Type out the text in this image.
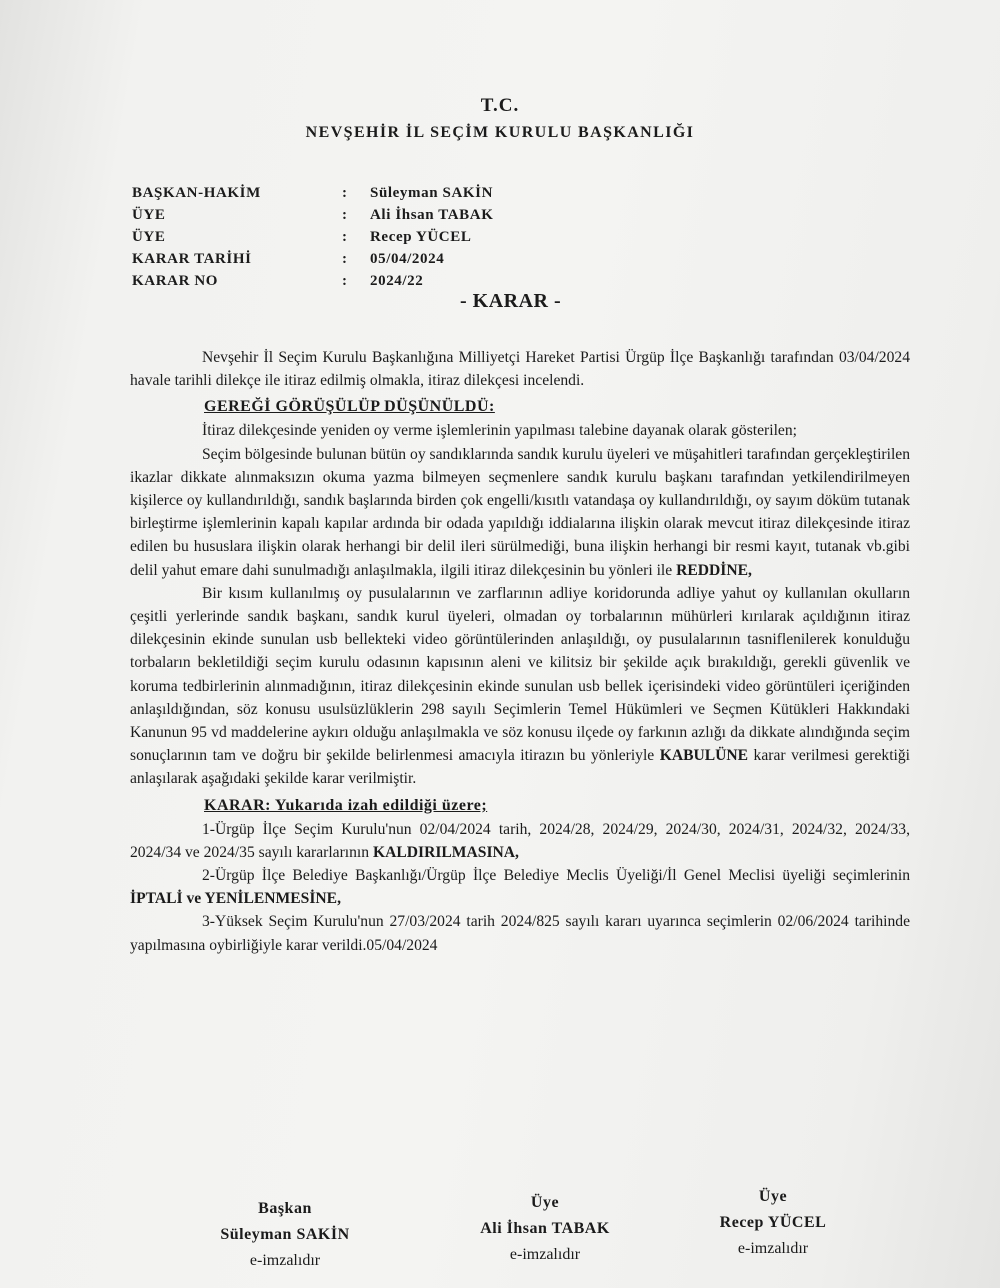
T.C.
NEVŞEHİR İL SEÇİM KURULU BAŞKANLIĞI
BAŞKAN-HAKİM	:	Süleyman SAKİN
ÜYE	:	Ali İhsan TABAK
ÜYE	:	Recep YÜCEL
KARAR TARİHİ	:	05/04/2024
KARAR NO	:	2024/22
- KARAR -

Nevşehir İl Seçim Kurulu Başkanlığına Milliyetçi Hareket Partisi Ürgüp İlçe Başkanlığı tarafından 03/04/2024 havale tarihli dilekçe ile itiraz edilmiş olmakla, itiraz dilekçesi incelendi.

GEREĞİ GÖRÜŞÜLÜP DÜŞÜNÜLDÜ:

İtiraz dilekçesinde yeniden oy verme işlemlerinin yapılması talebine dayanak olarak gösterilen;

Seçim bölgesinde bulunan bütün oy sandıklarında sandık kurulu üyeleri ve müşahitleri tarafından gerçekleştirilen ikazlar dikkate alınmaksızın okuma yazma bilmeyen seçmenlere sandık kurulu başkanı tarafından yetkilendirilmeyen kişilerce oy kullandırıldığı, sandık başlarında birden çok engelli/kısıtlı vatandaşa oy kullandırıldığı, oy sayım döküm tutanak birleştirme işlemlerinin kapalı kapılar ardında bir odada yapıldığı iddialarına ilişkin olarak mevcut itiraz dilekçesinde itiraz edilen bu hususlara ilişkin olarak herhangi bir delil ileri sürülmediği, buna ilişkin herhangi bir resmi kayıt, tutanak vb.gibi delil yahut emare dahi sunulmadığı anlaşılmakla, ilgili itiraz dilekçesinin bu yönleri ile REDDİNE,

Bir kısım kullanılmış oy pusulalarının ve zarflarının adliye koridorunda adliye yahut oy kullanılan okulların çeşitli yerlerinde sandık başkanı, sandık kurul üyeleri, olmadan oy torbalarının mühürleri kırılarak açıldığının itiraz dilekçesinin ekinde sunulan usb bellekteki video görüntülerinden anlaşıldığı, oy pusulalarının tasniflenilerek konulduğu torbaların bekletildiği seçim kurulu odasının kapısının aleni ve kilitsiz bir şekilde açık bırakıldığı, gerekli güvenlik ve koruma tedbirlerinin alınmadığının, itiraz dilekçesinin ekinde sunulan usb bellek içerisindeki video görüntüleri içeriğinden anlaşıldığından, söz konusu usulsüzlüklerin 298 sayılı Seçimlerin Temel Hükümleri ve Seçmen Kütükleri Hakkındaki Kanunun 95 vd maddelerine aykırı olduğu anlaşılmakla ve söz konusu ilçede oy farkının azlığı da dikkate alındığında seçim sonuçlarının tam ve doğru bir şekilde belirlenmesi amacıyla itirazın bu yönleriyle KABULÜNE karar verilmesi gerektiği anlaşılarak aşağıdaki şekilde karar verilmiştir.

KARAR: Yukarıda izah edildiği üzere;

1-Ürgüp İlçe Seçim Kurulu'nun 02/04/2024 tarih, 2024/28, 2024/29, 2024/30, 2024/31, 2024/32, 2024/33, 2024/34 ve 2024/35 sayılı kararlarının KALDIRILMASINA,

2-Ürgüp İlçe Belediye Başkanlığı/Ürgüp İlçe Belediye Meclis Üyeliği/İl Genel Meclisi üyeliği seçimlerinin İPTALİ ve YENİLENMESİNE,

3-Yüksek Seçim Kurulu'nun 27/03/2024 tarih 2024/825 sayılı kararı uyarınca seçimlerin 02/06/2024 tarihinde yapılmasına oybirliğiyle karar verildi.05/04/2024

Başkan
Süleyman SAKİN
e-imzalıdır
Üye
Ali İhsan TABAK
e-imzalıdır
Üye
Recep YÜCEL
e-imzalıdır
